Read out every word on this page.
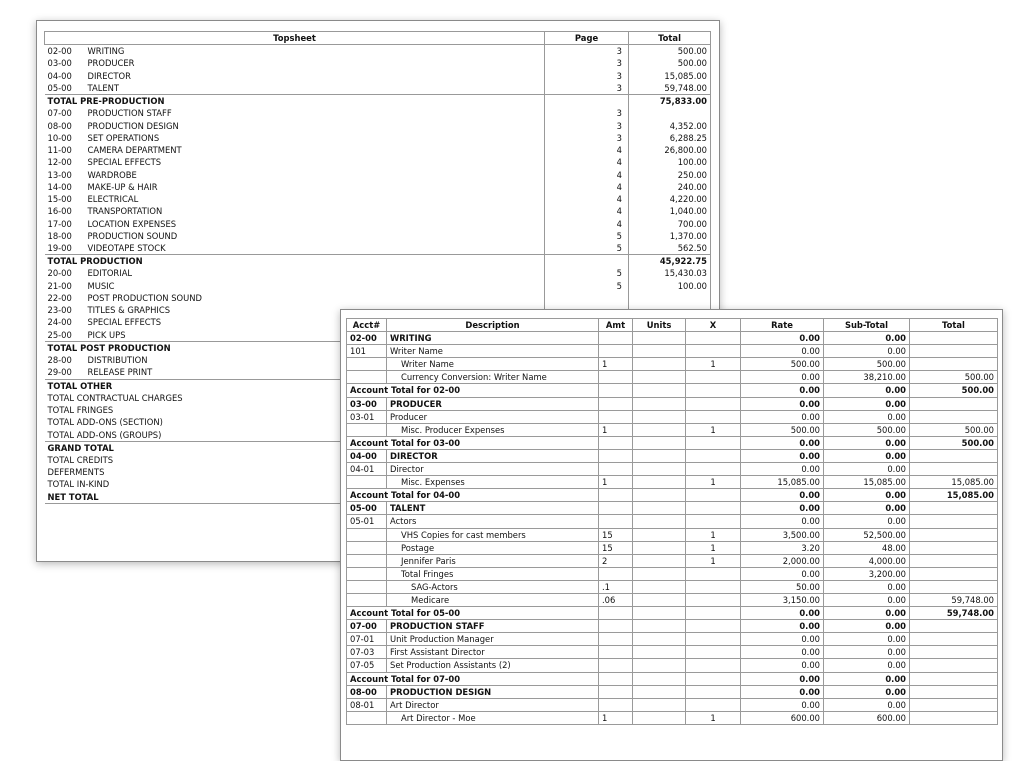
Topsheet		Page	Total
02-00	WRITING	3	500.00
03-00	PRODUCER	3	500.00
04-00	DIRECTOR	3	15,085.00
05-00	TALENT	3	59,748.00
TOTAL PRE-PRODUCTION			75,833.00
07-00	PRODUCTION STAFF	3	
08-00	PRODUCTION DESIGN	3	4,352.00
10-00	SET OPERATIONS	3	6,288.25
11-00	CAMERA DEPARTMENT	4	26,800.00
12-00	SPECIAL EFFECTS	4	100.00
13-00	WARDROBE	4	250.00
14-00	MAKE-UP & HAIR	4	240.00
15-00	ELECTRICAL	4	4,220.00
16-00	TRANSPORTATION	4	1,040.00
17-00	LOCATION EXPENSES	4	700.00
18-00	PRODUCTION SOUND	5	1,370.00
19-00	VIDEOTAPE STOCK	5	562.50
TOTAL PRODUCTION			45,922.75
20-00	EDITORIAL	5	15,430.03
21-00	MUSIC	5	100.00
22-00	POST PRODUCTION SOUND		
23-00	TITLES & GRAPHICS		
24-00	SPECIAL EFFECTS		
25-00	PICK UPS		
TOTAL POST PRODUCTION			
28-00	DISTRIBUTION		
29-00	RELEASE PRINT		
TOTAL OTHER			
TOTAL CONTRACTUAL CHARGES			
TOTAL FRINGES			
TOTAL ADD-ONS (SECTION)			
TOTAL ADD-ONS (GROUPS)			
GRAND TOTAL			
TOTAL CREDITS			
DEFERMENTS			
TOTAL IN-KIND			
NET TOTAL			
Acct#	Description	Amt	Units	X	Rate	Sub-Total	Total
02-00	WRITING				0.00	0.00	
101	Writer Name				0.00	0.00	
	Writer Name	1		1	500.00	500.00	
	Currency Conversion: Writer Name				0.00	38,210.00	500.00
Account Total for 02-00					0.00	0.00	500.00
03-00	PRODUCER				0.00	0.00	
03-01	Producer				0.00	0.00	
	Misc. Producer Expenses	1		1	500.00	500.00	500.00
Account Total for 03-00					0.00	0.00	500.00
04-00	DIRECTOR				0.00	0.00	
04-01	Director				0.00	0.00	
	Misc. Expenses	1		1	15,085.00	15,085.00	15,085.00
Account Total for 04-00					0.00	0.00	15,085.00
05-00	TALENT				0.00	0.00	
05-01	Actors				0.00	0.00	
	VHS Copies for cast members	15		1	3,500.00	52,500.00	
	Postage	15		1	3.20	48.00	
	Jennifer Paris	2		1	2,000.00	4,000.00	
	Total Fringes				0.00	3,200.00	
	SAG-Actors	.1			50.00	0.00	
	Medicare	.06			3,150.00	0.00	59,748.00
Account Total for 05-00					0.00	0.00	59,748.00
07-00	PRODUCTION STAFF				0.00	0.00	
07-01	Unit Production Manager				0.00	0.00	
07-03	First Assistant Director				0.00	0.00	
07-05	Set Production Assistants (2)				0.00	0.00	
Account Total for 07-00					0.00	0.00	
08-00	PRODUCTION DESIGN				0.00	0.00	
08-01	Art Director				0.00	0.00	
	Art Director - Moe	1		1	600.00	600.00	
